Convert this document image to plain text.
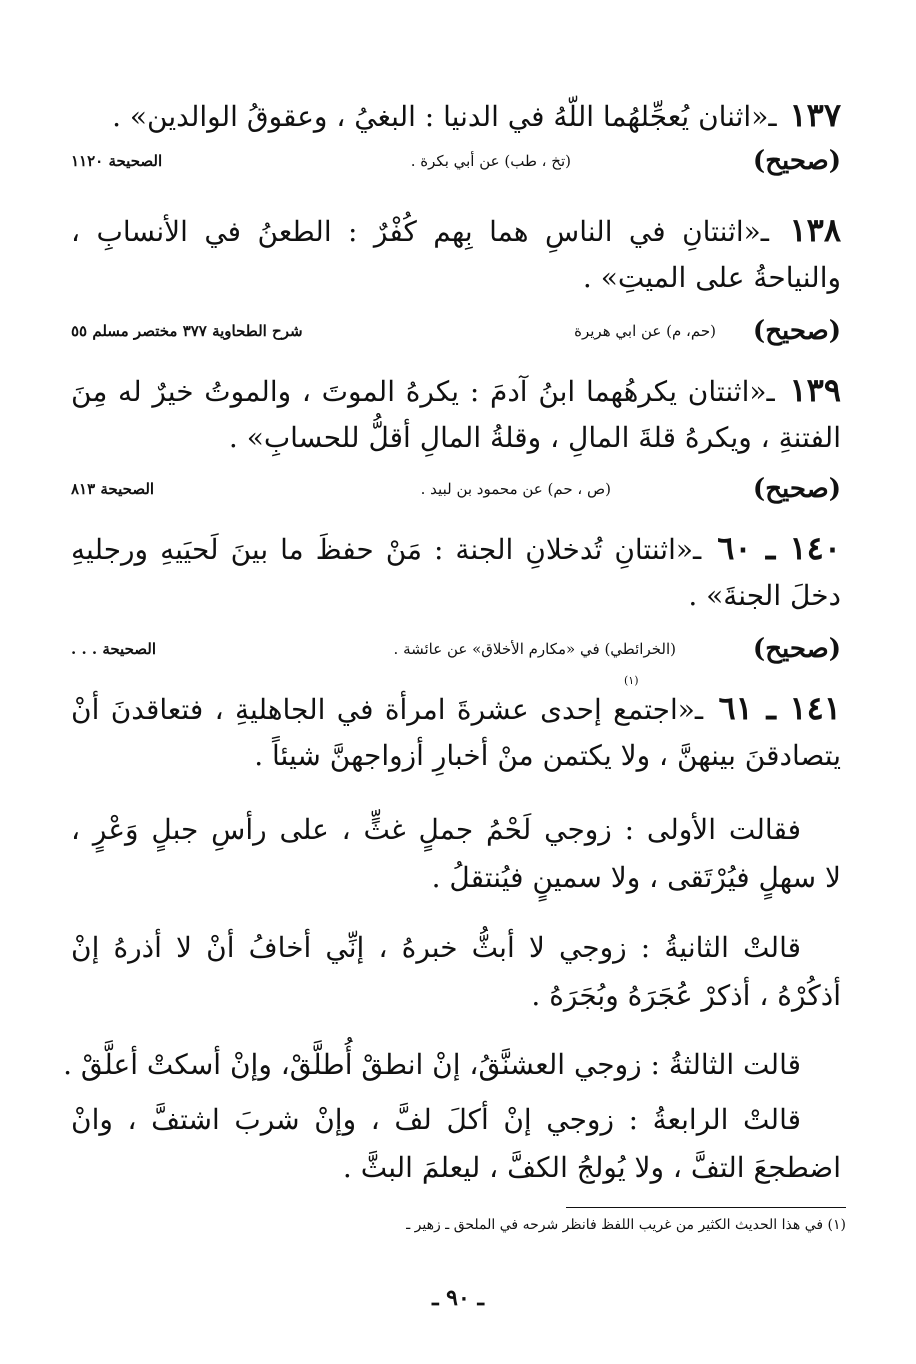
١٣٧ ـ«اثنان يُعجِّلهُما اللّهُ في الدنيا : البغيُ ، وعقوقُ الوالدين» .
( صحيح )
(تخ ، طب) عن أبي بكرة .
الصحيحة ١١٢٠
١٣٨ ـ«اثنتانِ في الناسِ هما بِهم كُفْرٌ : الطعنُ في الأنسابِ ،
والنياحةُ على الميتِ» .
( صحيح )
(حم، م) عن ابي هريرة
شرح الطحاوية ٣٧٧ مختصر مسلم ٥٥
١٣٩ ـ«اثنتان يكرهُهما ابنُ آدمَ : يكرهُ الموتَ ، والموتُ خيرٌ له مِنَ
الفتنةِ ، ويكرهُ قلةَ المالِ ، وقلةُ المالِ أقلُّ للحسابِ» .
( صحيح )
(ص ، حم) عن محمود بن لبيد .
الصحيحة ٨١٣
١٤٠ ـ ٦٠ ـ«اثنتانِ تُدخلانِ الجنة : مَنْ حفظَ ما بينَ لَحيَيهِ ورجليهِ
دخلَ الجنةَ» .
( صحيح )
(الخرائطي) في «مكارم الأخلاق» عن عائشة .
الصحيحة . . .
(١)
١٤١ ـ ٦١ ـ«اجتمع إحدى عشرةَ امرأة في الجاهليةِ ، فتعاقدنَ أنْ
يتصادقنَ بينهنَّ ، ولا يكتمن منْ أخبارِ أزواجهنَّ شيئاً .
فقالت الأولى : زوجي لَحْمُ جملٍ غثٍّ ، على رأسِ جبلٍ وَعْرٍ ،
لا سهلٍ فيُرْتَقى ، ولا سمينٍ فيُنتقلُ .
قالتْ الثانيةُ : زوجي لا أبثُّ خبرهُ ، إنِّي أخافُ أنْ لا أذرهُ إنْ
أذكُرْهُ ، أذكرْ عُجَرَهُ وبُجَرَهُ .
قالت الثالثةُ : زوجي العشنَّقُ، إنْ انطقْ أُطلَّقْ، وإنْ أسكتْ أعلَّقْ .
قالتْ الرابعةُ : زوجي إنْ أكلَ لفَّ ، وإنْ شربَ اشتفَّ ، وانْ
اضطجعَ التفَّ ، ولا يُولجُ الكفَّ ، ليعلمَ البثَّ .
(١) في هذا الحديث الكثير من غريب اللفظ فانظر شرحه في الملحق ـ زهير ـ
ـ ٩٠ ـ
